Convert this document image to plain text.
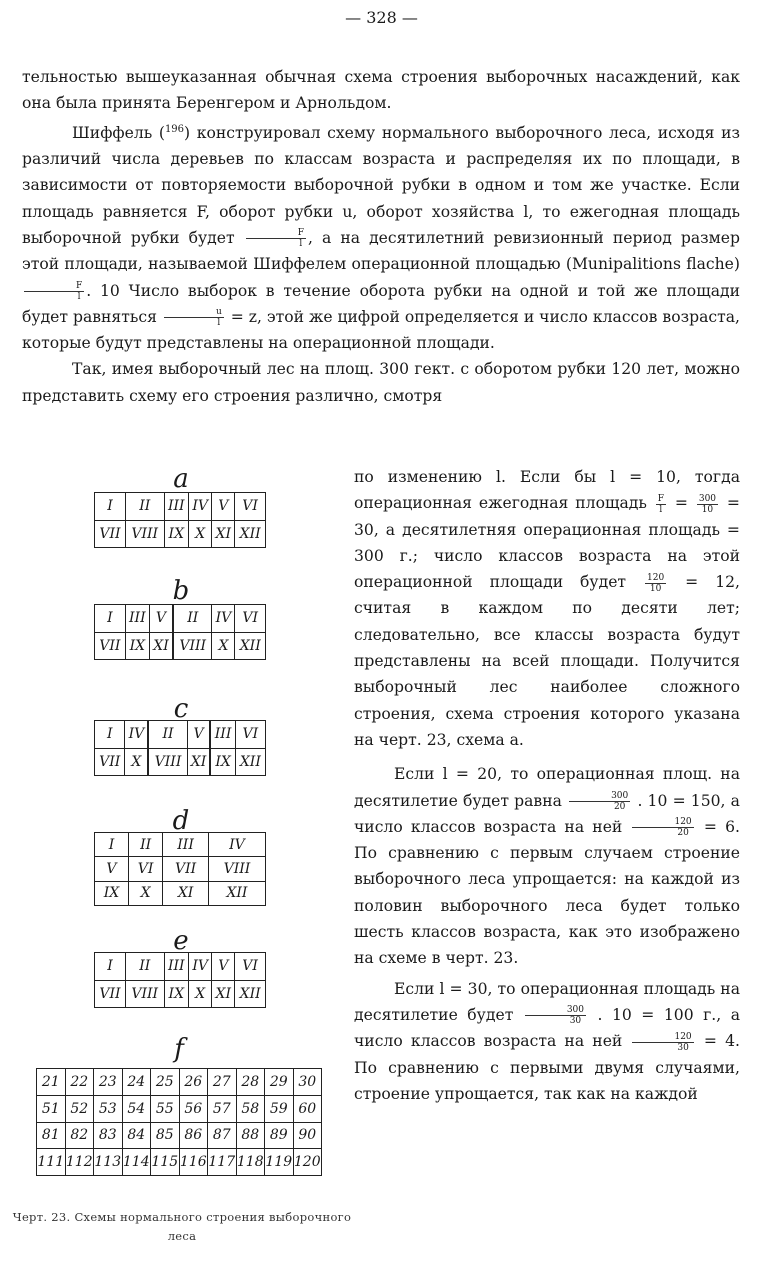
— 328 —

тельностью вышеуказанная обычная схема строения выборочных насаждений, как она была принята Беренгером и Арнольдом.

Шиффель ($^{196}$) конструировал схему нормального выборочного леса, исходя из различий числа деревьев по классам возраста и распределяя их по площади, в зависимости от повторяемости выборочной рубки в одном и том же участке. Если площадь равняется F, оборот рубки u, оборот хозяйства l, то ежегодная площадь выборочной рубки будет $\frac{F}{l}$ , а на десятилетний ревизионный период размер этой площади, называемой Шиффелем операционной площадью (Munipalitions flache)
$\frac{F}{l}$ . 10 Число выборок в течение оборота рубки на одной и той же площади будет равняться $\frac{u}{l} = z$, этой же цифрой определяется и число классов возраста, которые будут представлены на операционной площади.

Так, имея выборочный лес на площ. 300 гект. с оборотом рубки 120 лет, можно представить схему его строения различно, смотря

по изменению l. Если бы l = 10, тогда операционная ежегодная площадь $\frac{F}{l} = \frac{300}{10} = 30$, а десятилетняя операционная площадь = 300 г.; число классов возраста на этой операционной площади будет $\frac{120}{10} = 12$, считая в каждом по десяти лет; следовательно, все классы возраста будут представлены на всей площади. Получится выборочный лес наиболее сложного строения, схема строения которого указана на черт. 23, схема a.

Если l = 20, то операционная площ. на десятилетие будет равна $\frac{300}{20}$ . 10 = 150, а число классов возраста на ней $\frac{120}{20} = 6$. По сравнению с первым случаем строение выборочного леса упрощается: на каждой из половин выборочного леса будет только шесть классов возраста, как это изображено на схеме в черт. 23.

Если l = 30, то операционная площадь на десятилетие будет $\frac{300}{30}$ . 10 = 100 г., а число классов возраста на ней $\frac{120}{30} = 4$. По сравнению с первыми двумя случаями, строение упрощается, так как на каждой

a
I	II	III	IV	V	VI
VII	VIII	IX	X	XI	XII
b
I	III	V	II	IV	VI
VII	IX	XI	VIII	X	XII
c
I	IV	II	V	III	VI
VII	X	VIII	XI	IX	XII
d
I	II	III	IV
V	VI	VII	VIII
IX	X	XI	XII
e
I	II	III	IV	V	VI
VII	VIII	IX	X	XI	XII
f
21	22	23	24	25	26	27	28	29	30
51	52	53	54	55	56	57	58	59	60
81	82	83	84	85	86	87	88	89	90
111	112	113	114	115	116	117	118	119	120
Черт. 23. Схемы нормального строения выборочного леса
